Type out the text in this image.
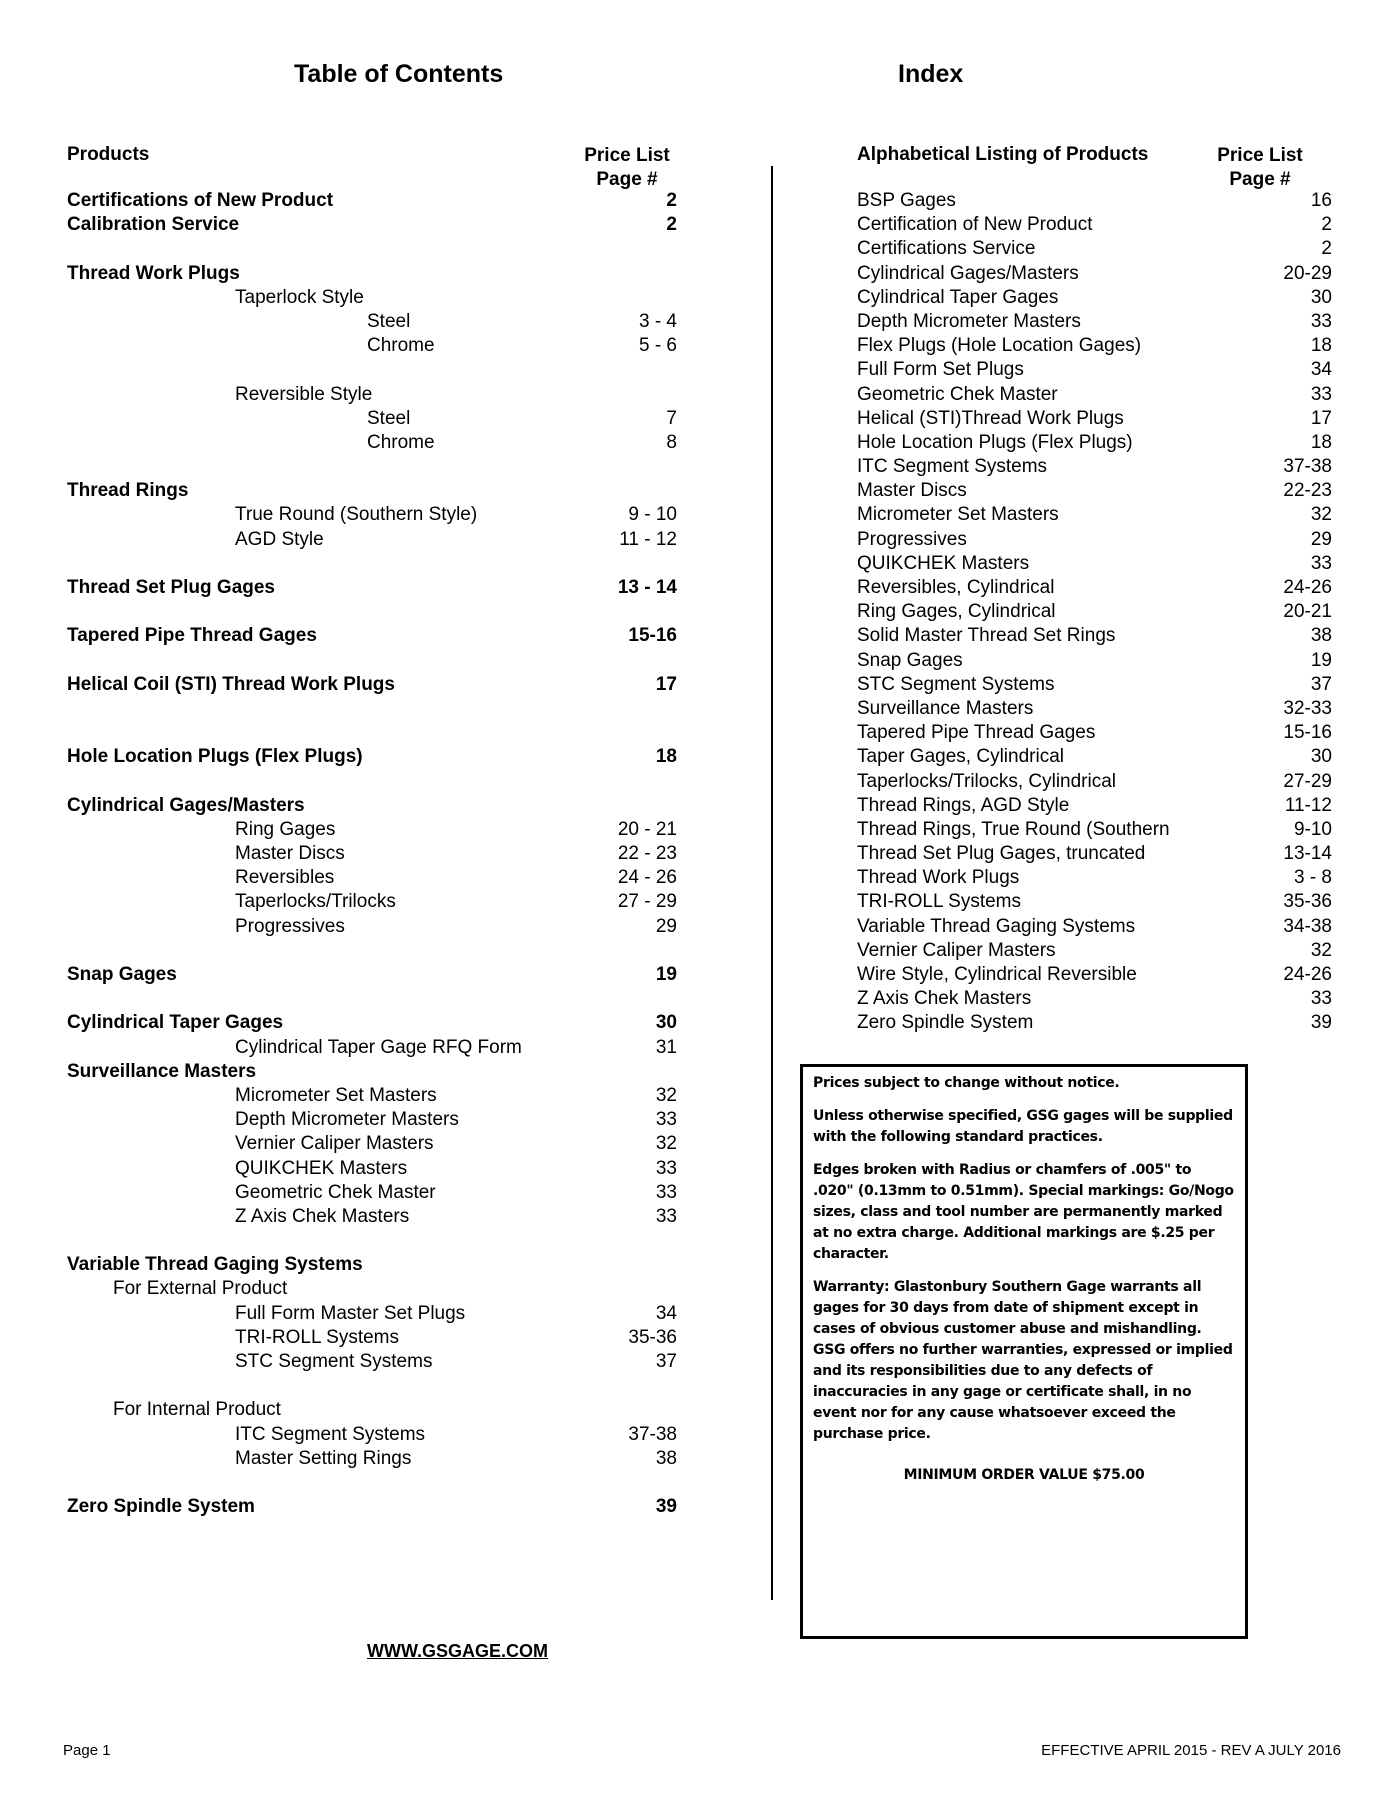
Table of Contents	Index
Products	Price List
Page #
Certifications of New Product	2
Calibration Service	2
Thread Work Plugs
Taperlock Style
Steel	3 - 4
Chrome	5 - 6
Reversible Style
Steel	7
Chrome	8
Thread Rings
True Round (Southern Style)	9 - 10
AGD Style	11 - 12
Thread Set Plug Gages	13 - 14
Tapered Pipe Thread Gages	15-16
Helical Coil (STI) Thread Work Plugs	17
Hole Location Plugs (Flex Plugs)	18
Cylindrical Gages/Masters
Ring Gages	20 - 21
Master Discs	22 - 23
Reversibles	24 - 26
Taperlocks/Trilocks	27 - 29
Progressives	29
Snap Gages	19
Cylindrical Taper Gages	30
Cylindrical Taper Gage RFQ Form	31
Surveillance Masters
Micrometer Set Masters	32
Depth Micrometer Masters	33
Vernier Caliper Masters	32
QUIKCHEK Masters	33
Geometric Chek Master	33
Z Axis Chek Masters	33
Variable Thread Gaging Systems
For External Product
Full Form Master Set Plugs	34
TRI-ROLL Systems	35-36
STC Segment Systems	37
For Internal Product
ITC Segment Systems	37-38
Master Setting Rings	38
Zero Spindle System	39
Alphabetical Listing of Products	Price List
Page #
BSP Gages	16
Certification of New Product	2
Certifications Service	2
Cylindrical Gages/Masters	20-29
Cylindrical Taper Gages	30
Depth Micrometer Masters	33
Flex Plugs (Hole Location Gages)	18
Full Form Set Plugs	34
Geometric Chek Master	33
Helical (STI)Thread Work Plugs	17
Hole Location Plugs (Flex Plugs)	18
ITC Segment Systems	37-38
Master Discs	22-23
Micrometer Set Masters	32
Progressives	29
QUIKCHEK Masters	33
Reversibles, Cylindrical	24-26
Ring Gages, Cylindrical	20-21
Solid Master Thread Set Rings	38
Snap Gages	19
STC Segment Systems	37
Surveillance Masters	32-33
Tapered Pipe Thread Gages	15-16
Taper Gages, Cylindrical	30
Taperlocks/Trilocks, Cylindrical	27-29
Thread Rings, AGD Style	11-12
Thread Rings, True Round (Southern	9-10
Thread Set Plug Gages, truncated	13-14
Thread Work Plugs	3 - 8
TRI-ROLL Systems	35-36
Variable Thread Gaging Systems	34-38
Vernier Caliper Masters	32
Wire Style, Cylindrical Reversible	24-26
Z Axis Chek Masters	33
Zero Spindle System	39

Prices subject to change without notice.

Unless otherwise specified, GSG gages will be supplied with the following standard practices.

Edges broken with Radius or chamfers of .005" to .020" (0.13mm to 0.51mm). Special markings: Go/Nogo sizes, class and tool number are permanently marked at no extra charge. Additional markings are $.25 per character.

Warranty: Glastonbury Southern Gage warrants all gages for 30 days from date of shipment except in cases of obvious customer abuse and mishandling. GSG offers no further warranties, expressed or implied and its responsibilities due to any defects of inaccuracies in any gage or certificate shall, in no event nor for any cause whatsoever exceed the purchase price.

MINIMUM ORDER VALUE $75.00

WWW.GSGAGE.COM
Page 1	EFFECTIVE APRIL 2015 - REV A JULY 2016
